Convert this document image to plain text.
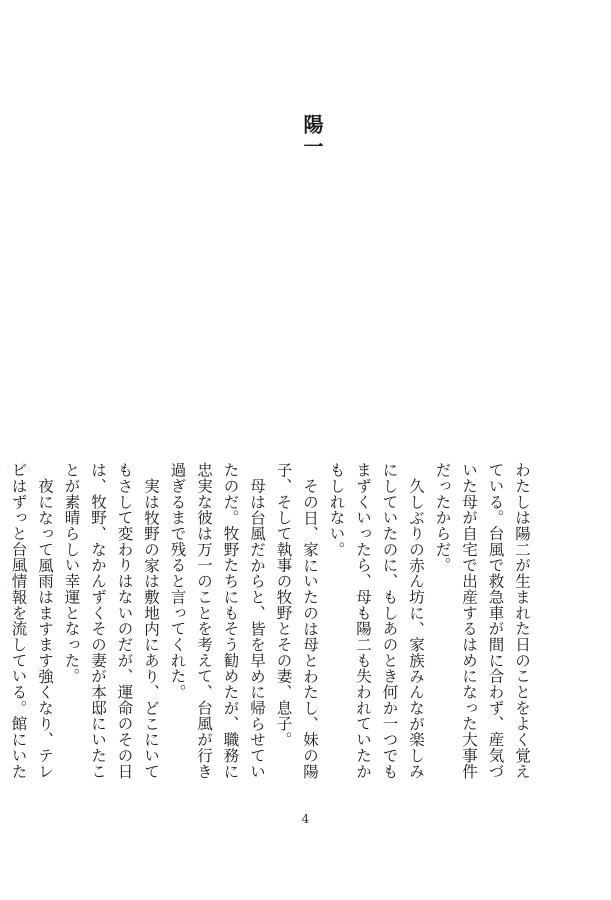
陽一

わたしは陽二が生まれた日のことをよく覚えている。台風で救急車が間に合わず、産気づいた母が自宅で出産するはめになった大事件だったからだ。

久しぶりの赤ん坊に、家族みんなが楽しみにしていたのに、もしあのとき何か一つでもまずくいったら、母も陽二も失われていたかもしれない。

その日、家にいたのは母とわたし、妹の陽子、そして執事の牧野とその妻、息子。

母は台風だからと、皆を早めに帰らせていたのだ。牧野たちにもそう勧めたが、職務に忠実な彼は万一のことを考えて、台風が行き過ぎるまで残ると言ってくれた。

実は牧野の家は敷地内にあり、どこにいてもさして変わりはないのだが、運命のその日は、牧野、なかんずくその妻が本邸にいたことが素晴らしい幸運となった。

夜になって風雨はますます強くなり、テレビはずっと台風情報を流している。館にいた

4
